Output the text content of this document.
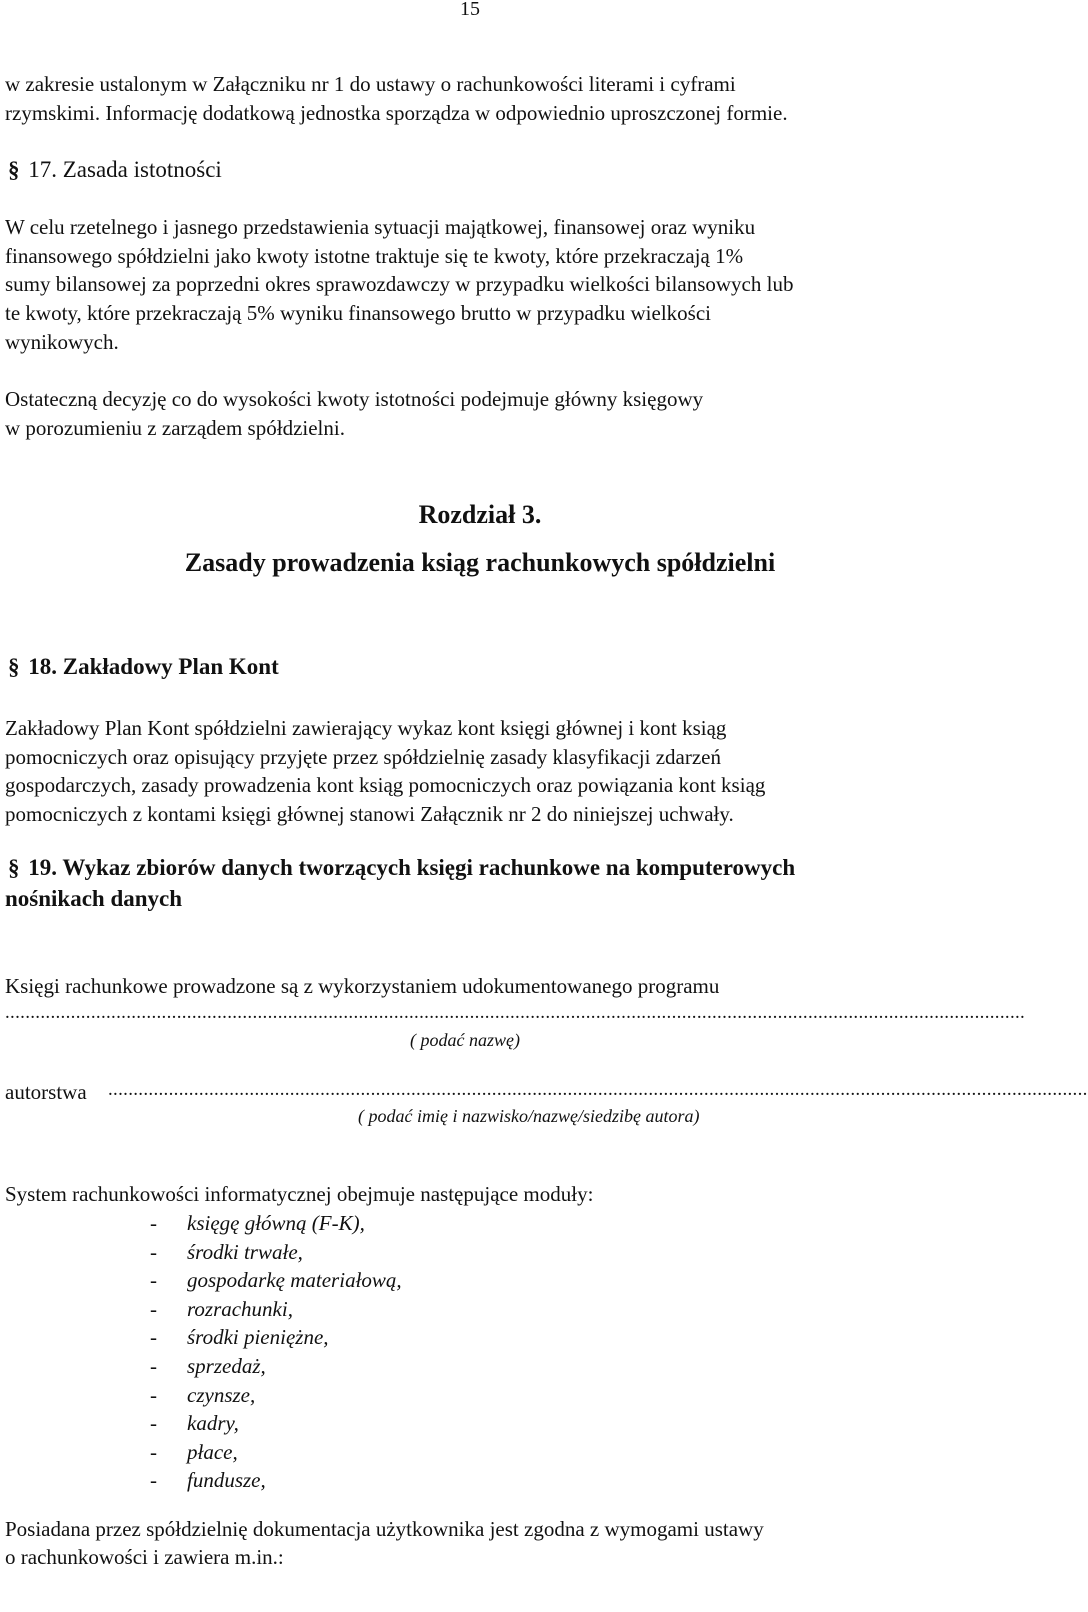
15
w zakresie ustalonym w Załączniku nr 1 do ustawy o rachunkowości literami i cyframi
rzymskimi. Informację dodatkową jednostka sporządza w odpowiednio uproszczonej formie.
§ 17. Zasada istotności
W celu rzetelnego i jasnego przedstawienia sytuacji majątkowej, finansowej oraz wyniku
finansowego spółdzielni jako kwoty istotne traktuje się te kwoty, które przekraczają 1%
sumy bilansowej za poprzedni okres sprawozdawczy w przypadku wielkości bilansowych lub
te kwoty, które przekraczają 5% wyniku finansowego brutto w przypadku wielkości
wynikowych.
Ostateczną decyzję co do wysokości kwoty istotności podejmuje główny księgowy
w porozumieniu z zarządem spółdzielni.
Rozdział 3.
Zasady prowadzenia ksiąg rachunkowych spółdzielni
§ 18. Zakładowy Plan Kont
Zakładowy Plan Kont spółdzielni zawierający wykaz kont księgi głównej i kont ksiąg
pomocniczych oraz opisujący przyjęte przez spółdzielnię zasady klasyfikacji zdarzeń
gospodarczych, zasady prowadzenia kont ksiąg pomocniczych oraz powiązania kont ksiąg
pomocniczych z kontami księgi głównej stanowi Załącznik nr 2 do niniejszej uchwały.
§ 19. Wykaz zbiorów danych tworzących księgi rachunkowe na komputerowych
nośnikach danych
Księgi rachunkowe prowadzone są z wykorzystaniem udokumentowanego programu
..........................................................................................................................................................................................................
( podać nazwę)
autorstwa ..................................................................................................................................................................................................
( podać imię i nazwisko/nazwę/siedzibę autora)
System rachunkowości informatycznej obejmuje następujące moduły:
- księgę główną (F-K),
- środki trwałe,
- gospodarkę materiałową,
- rozrachunki,
- środki pieniężne,
- sprzedaż,
- czynsze,
- kadry,
- płace,
- fundusze,
Posiadana przez spółdzielnię dokumentacja użytkownika jest zgodna z wymogami ustawy
o rachunkowości i zawiera m.in.:
